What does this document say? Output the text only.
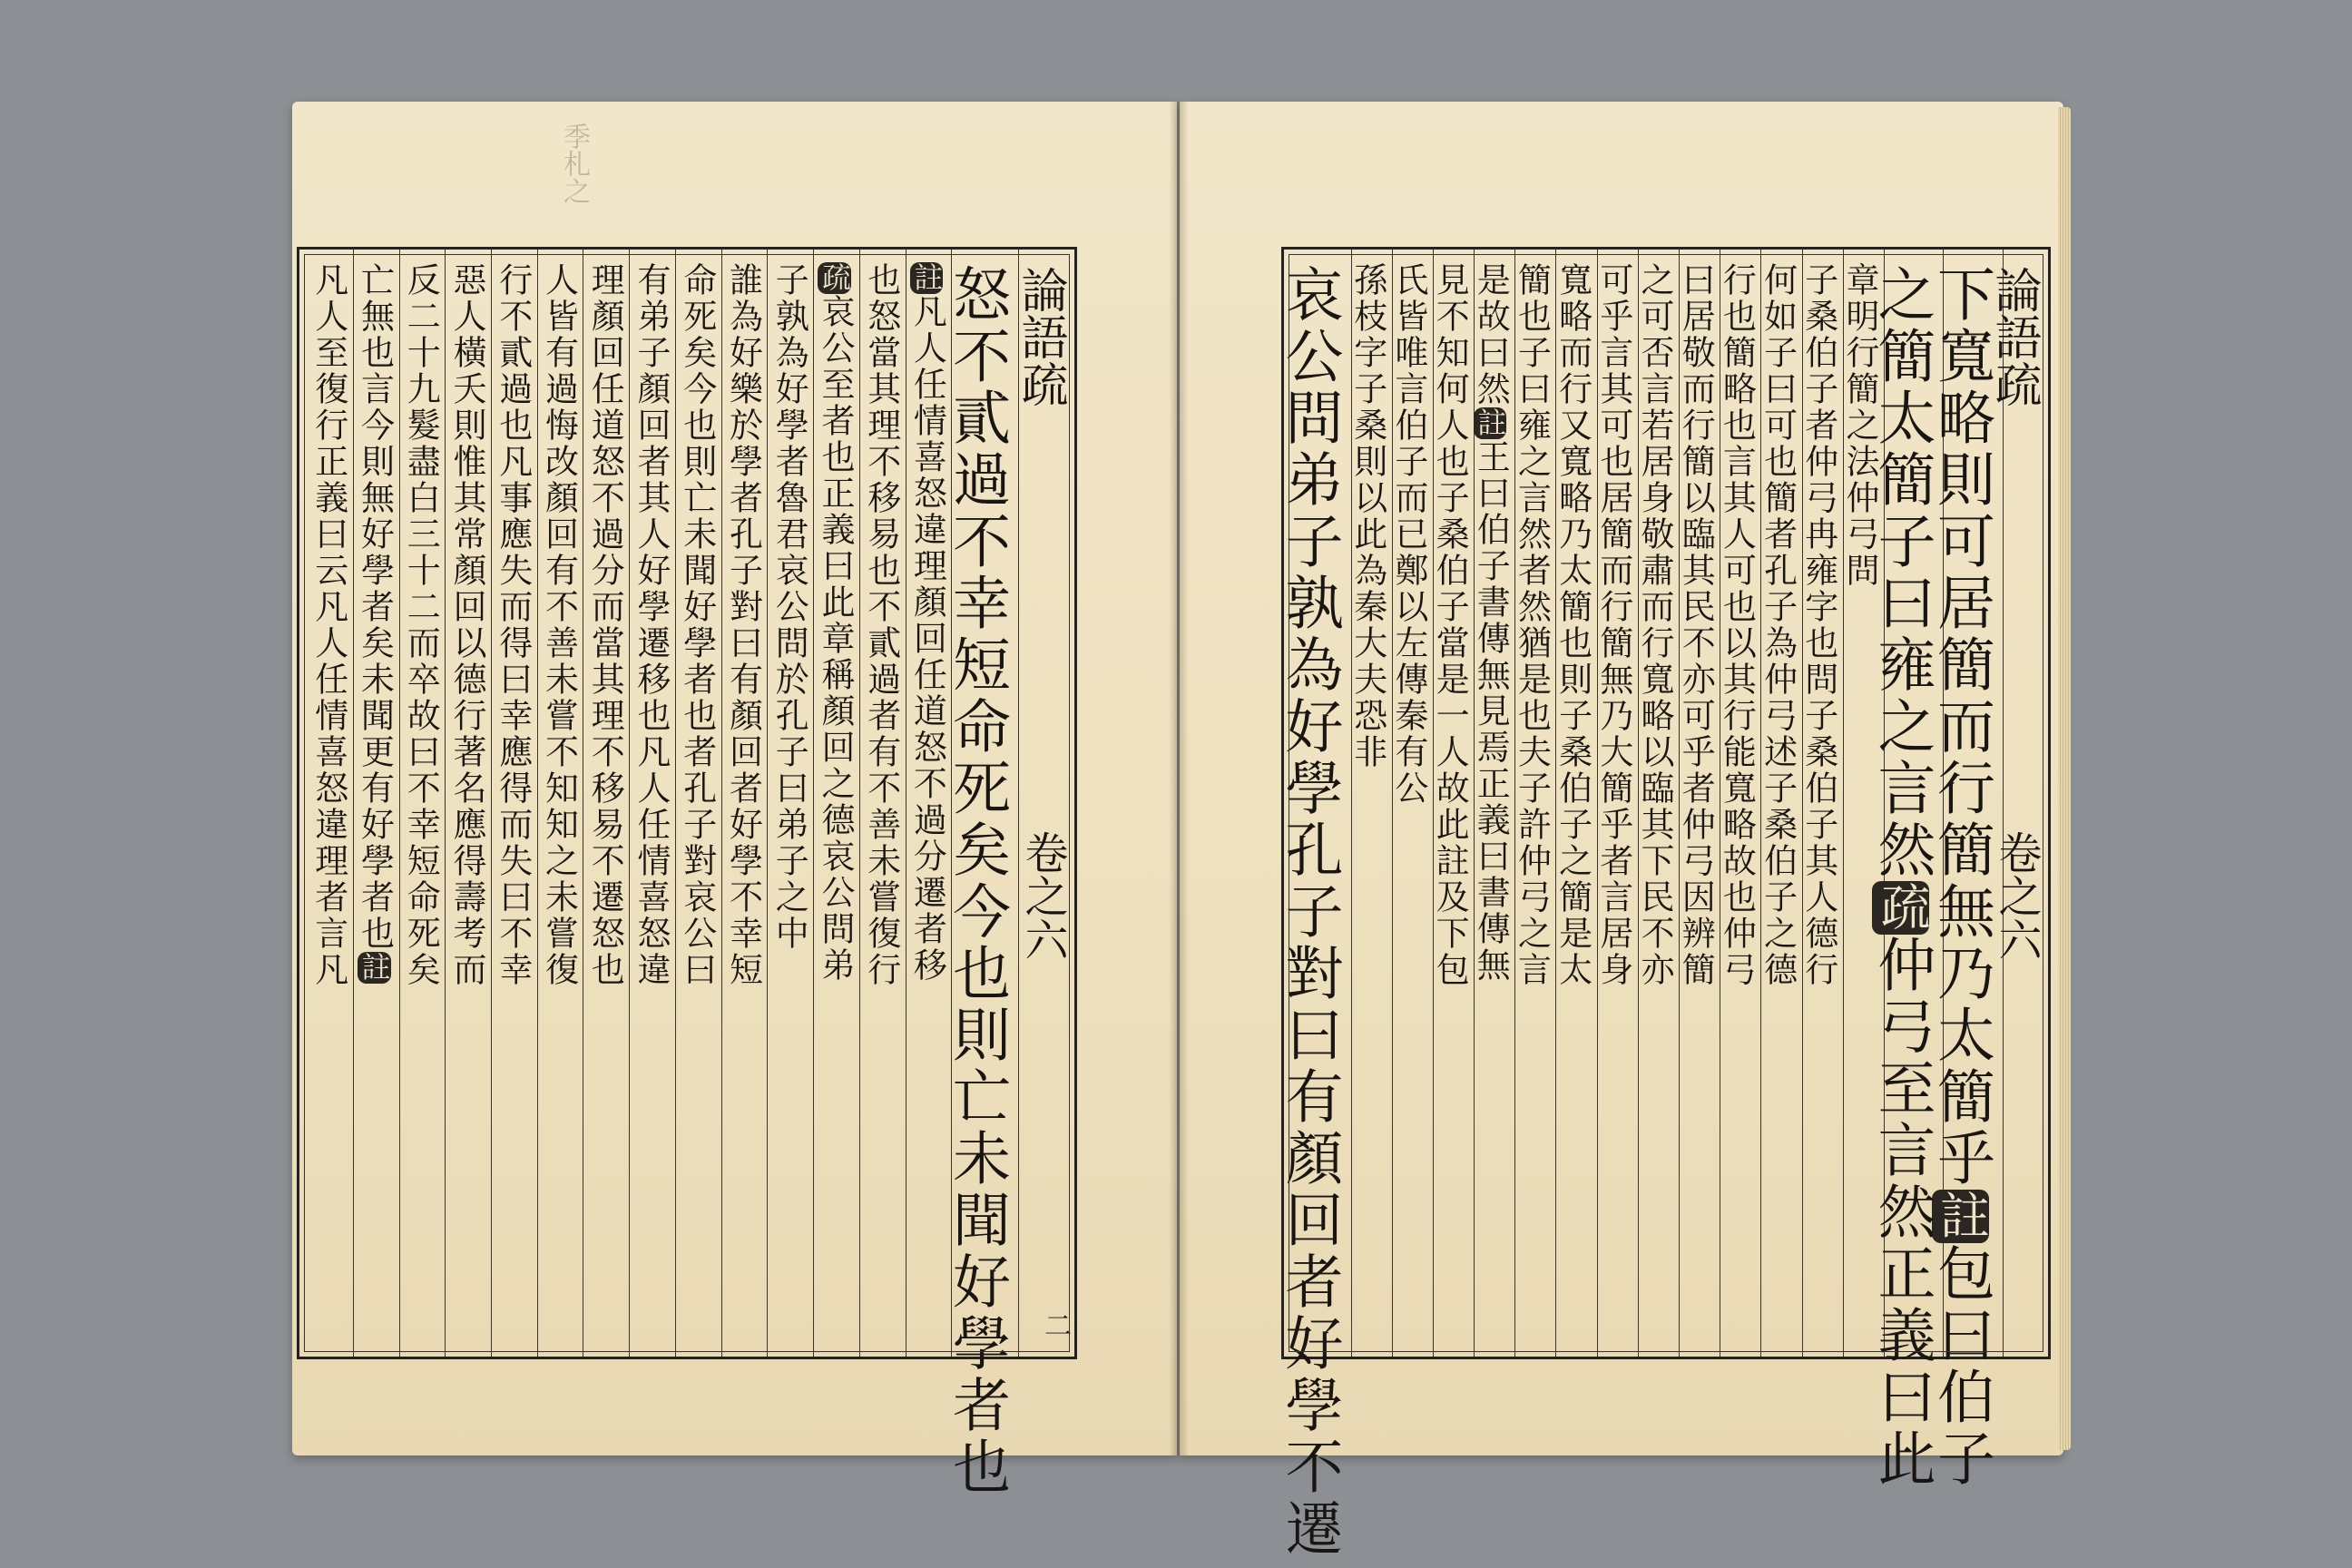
季札之
論語疏
卷之六
二
怒不貳過不幸短命死矣今也則亡未聞好學者也
註凡人任情喜怒違理顏回任道怒不過分遷者移
也怒當其理不移易也不貳過者有不善未嘗復行
疏哀公至者也正義曰此章稱顏回之德哀公問弟
子孰為好學者魯君哀公問於孔子曰弟子之中
誰為好樂於學者孔子對曰有顏回者好學不幸短
命死矣今也則亡未聞好學者也者孔子對哀公曰
有弟子顏回者其人好學遷移也凡人任情喜怒違
理顏回任道怒不過分而當其理不移易不遷怒也
人皆有過悔改顏回有不善未嘗不知知之未嘗復
行不貳過也凡事應失而得曰幸應得而失曰不幸
惡人橫夭則惟其常顏回以德行著名應得壽考而
反二十九髮盡白三十二而卒故曰不幸短命死矣
亡無也言今則無好學者矣未聞更有好學者也註
凡人至復行正義曰云凡人任情喜怒違理者言凡	論語疏
卷之六
下寬略則可居簡而行簡無乃太簡乎註包曰伯子
之簡太簡子曰雍之言然疏仲弓至言然正義曰此
章明行簡之法仲弓問
子桑伯子者仲弓冉雍字也問子桑伯子其人德行
何如子曰可也簡者孔子為仲弓述子桑伯子之德
行也簡略也言其人可也以其行能寬略故也仲弓
曰居敬而行簡以臨其民不亦可乎者仲弓因辨簡
之可否言若居身敬肅而行寬略以臨其下民不亦
可乎言其可也居簡而行簡無乃大簡乎者言居身
寬略而行又寬略乃太簡也則子桑伯子之簡是太
簡也子曰雍之言然者然猶是也夫子許仲弓之言
是故曰然註王曰伯子書傳無見焉正義曰書傳無
見不知何人也子桑伯子當是一人故此註及下包
氏皆唯言伯子而已鄭以左傳秦有公
孫枝字子桑則以此為秦大夫恐非
哀公問弟子孰為好學孔子對曰有顏回者好學不遷
